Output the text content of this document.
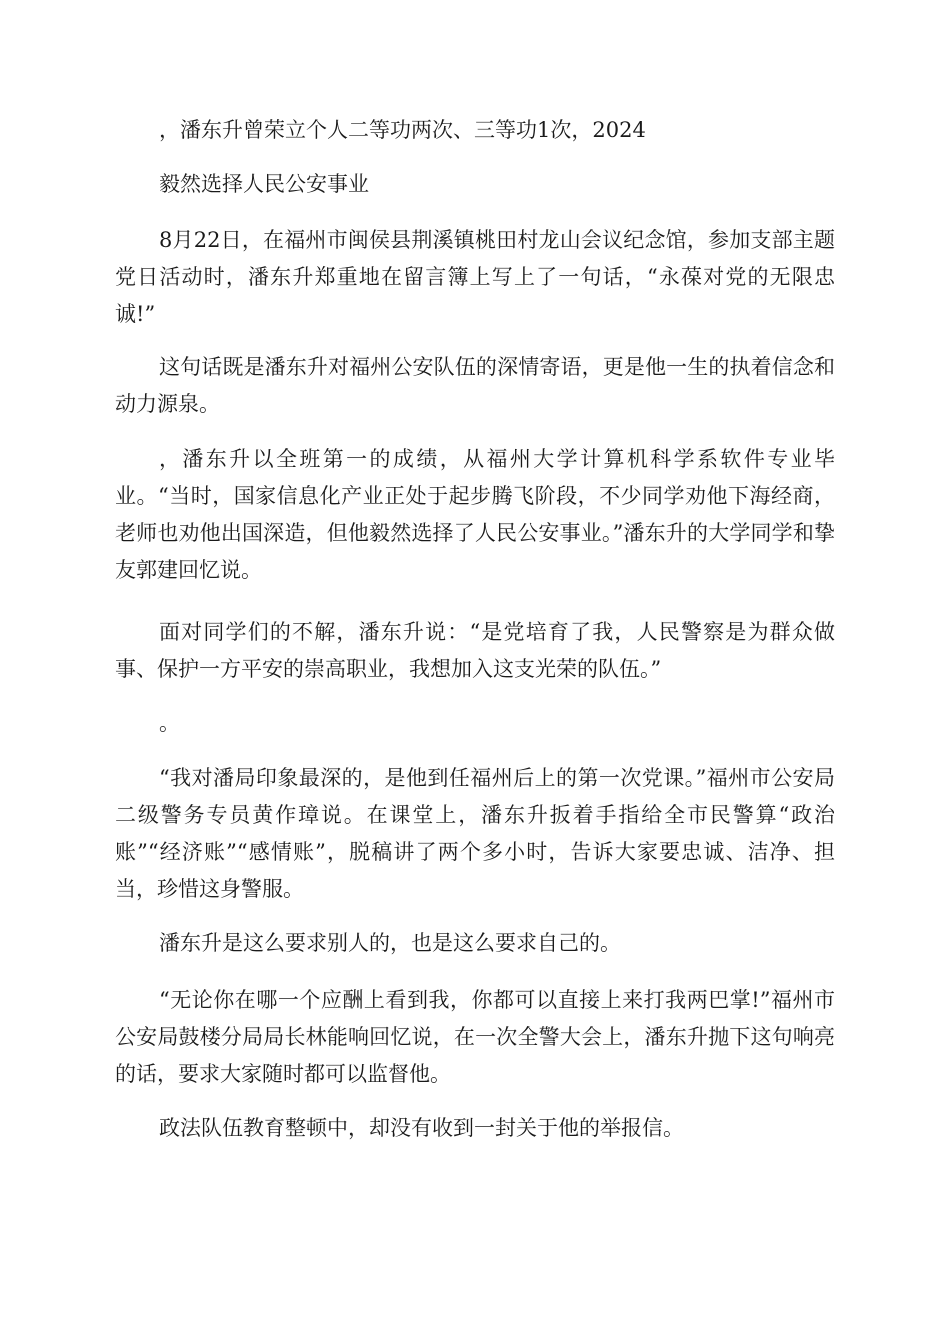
，潘东升曾荣立个人二等功两次、三等功1次，2024

毅然选择人民公安事业

8月22日，在福州市闽侯县荆溪镇桃田村龙山会议纪念馆，参加支部主题党日活动时，潘东升郑重地在留言簿上写上了一句话，“永葆对党的无限忠诚!”

这句话既是潘东升对福州公安队伍的深情寄语，更是他一生的执着信念和动力源泉。

，潘东升以全班第一的成绩，从福州大学计算机科学系软件专业毕业。“当时，国家信息化产业正处于起步腾飞阶段，不少同学劝他下海经商，老师也劝他出国深造，但他毅然选择了人民公安事业。”潘东升的大学同学和挚友郭建回忆说。

面对同学们的不解，潘东升说：“是党培育了我，人民警察是为群众做事、保护一方平安的崇高职业，我想加入这支光荣的队伍。”

。

“我对潘局印象最深的，是他到任福州后上的第一次党课。”福州市公安局二级警务专员黄作璋说。在课堂上，潘东升扳着手指给全市民警算“政治账”“经济账”“感情账”，脱稿讲了两个多小时，告诉大家要忠诚、洁净、担当，珍惜这身警服。

潘东升是这么要求别人的，也是这么要求自己的。

“无论你在哪一个应酬上看到我，你都可以直接上来打我两巴掌!”福州市公安局鼓楼分局局长林能响回忆说，在一次全警大会上，潘东升抛下这句响亮的话，要求大家随时都可以监督他。

政法队伍教育整顿中，却没有收到一封关于他的举报信。
